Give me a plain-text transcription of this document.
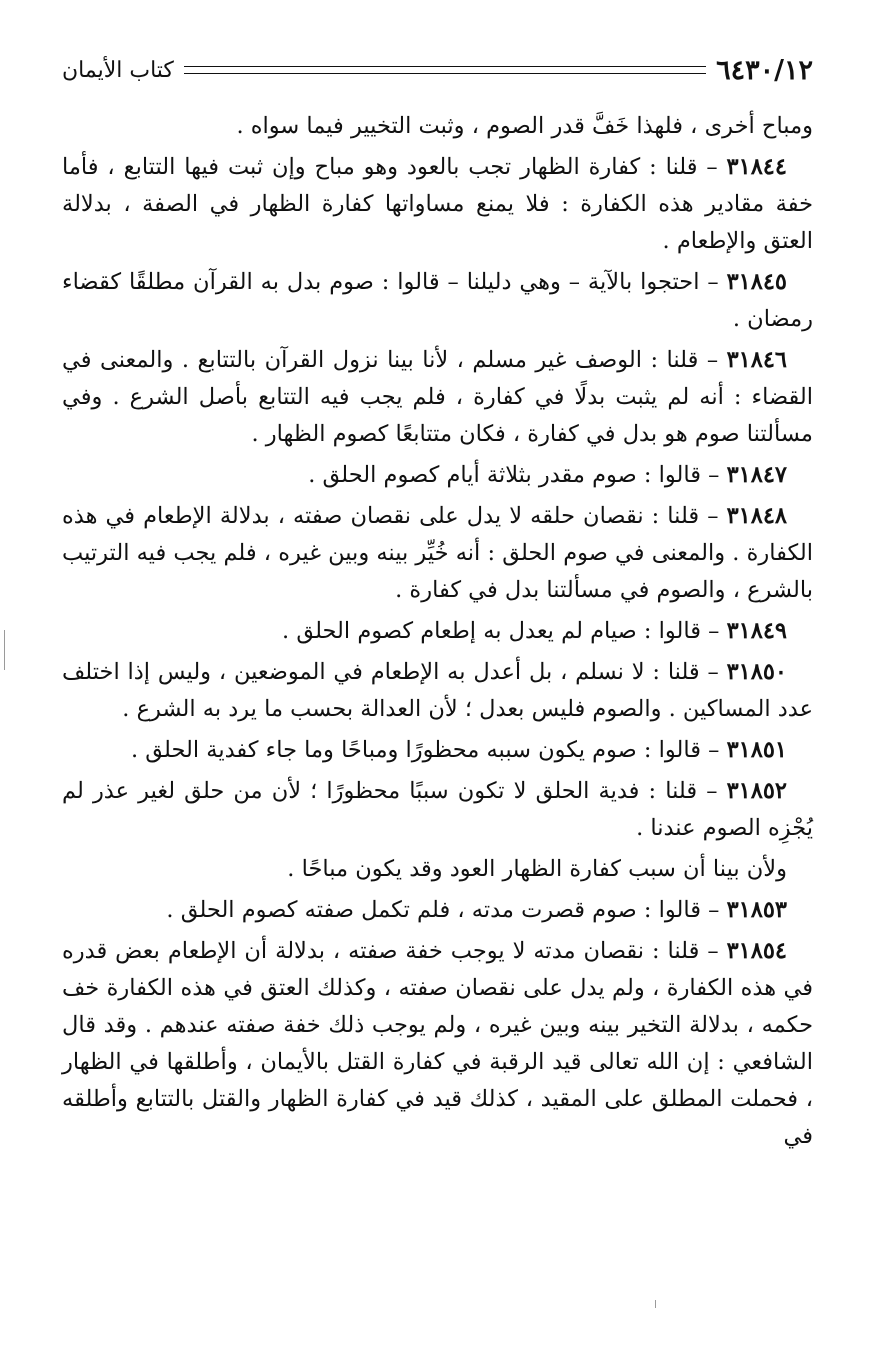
٦٤٣٠/١٢
كتاب الأيمان

ومباح أخرى ، فلهذا خَفَّ قدر الصوم ، وثبت التخيير فيما سواه .

٣١٨٤٤ – قلنا : كفارة الظهار تجب بالعود وهو مباح وإن ثبت فيها التتابع ، فأما خفة مقادير هذه الكفارة : فلا يمنع مساواتها كفارة الظهار في الصفة ، بدلالة العتق والإطعام .

٣١٨٤٥ – احتجوا بالآية – وهي دليلنا – قالوا : صوم بدل به القرآن مطلقًا كقضاء رمضان .

٣١٨٤٦ – قلنا : الوصف غير مسلم ، لأنا بينا نزول القرآن بالتتابع . والمعنى في القضاء : أنه لم يثبت بدلًا في كفارة ، فلم يجب فيه التتابع بأصل الشرع . وفي مسألتنا صوم هو بدل في كفارة ، فكان متتابعًا كصوم الظهار .

٣١٨٤٧ – قالوا : صوم مقدر بثلاثة أيام كصوم الحلق .

٣١٨٤٨ – قلنا : نقصان حلقه لا يدل على نقصان صفته ، بدلالة الإطعام في هذه الكفارة . والمعنى في صوم الحلق : أنه خُيِّر بينه وبين غيره ، فلم يجب فيه الترتيب بالشرع ، والصوم في مسألتنا بدل في كفارة .

٣١٨٤٩ – قالوا : صيام لم يعدل به إطعام كصوم الحلق .

٣١٨٥٠ – قلنا : لا نسلم ، بل أعدل به الإطعام في الموضعين ، وليس إذا اختلف عدد المساكين . والصوم فليس بعدل ؛ لأن العدالة بحسب ما يرد به الشرع .

٣١٨٥١ – قالوا : صوم يكون سببه محظورًا ومباحًا وما جاء كفدية الحلق .

٣١٨٥٢ – قلنا : فدية الحلق لا تكون سببًا محظورًا ؛ لأن من حلق لغير عذر لم يُجْزِه الصوم عندنا .

ولأن بينا أن سبب كفارة الظهار العود وقد يكون مباحًا .

٣١٨٥٣ – قالوا : صوم قصرت مدته ، فلم تكمل صفته كصوم الحلق .

٣١٨٥٤ – قلنا : نقصان مدته لا يوجب خفة صفته ، بدلالة أن الإطعام بعض قدره في هذه الكفارة ، ولم يدل على نقصان صفته ، وكذلك العتق في هذه الكفارة خف حكمه ، بدلالة التخير بينه وبين غيره ، ولم يوجب ذلك خفة صفته عندهم . وقد قال الشافعي : إن الله تعالى قيد الرقبة في كفارة القتل بالأيمان ، وأطلقها في الظهار ، فحملت المطلق على المقيد ، كذلك قيد في كفارة الظهار والقتل بالتتابع وأطلقه في
